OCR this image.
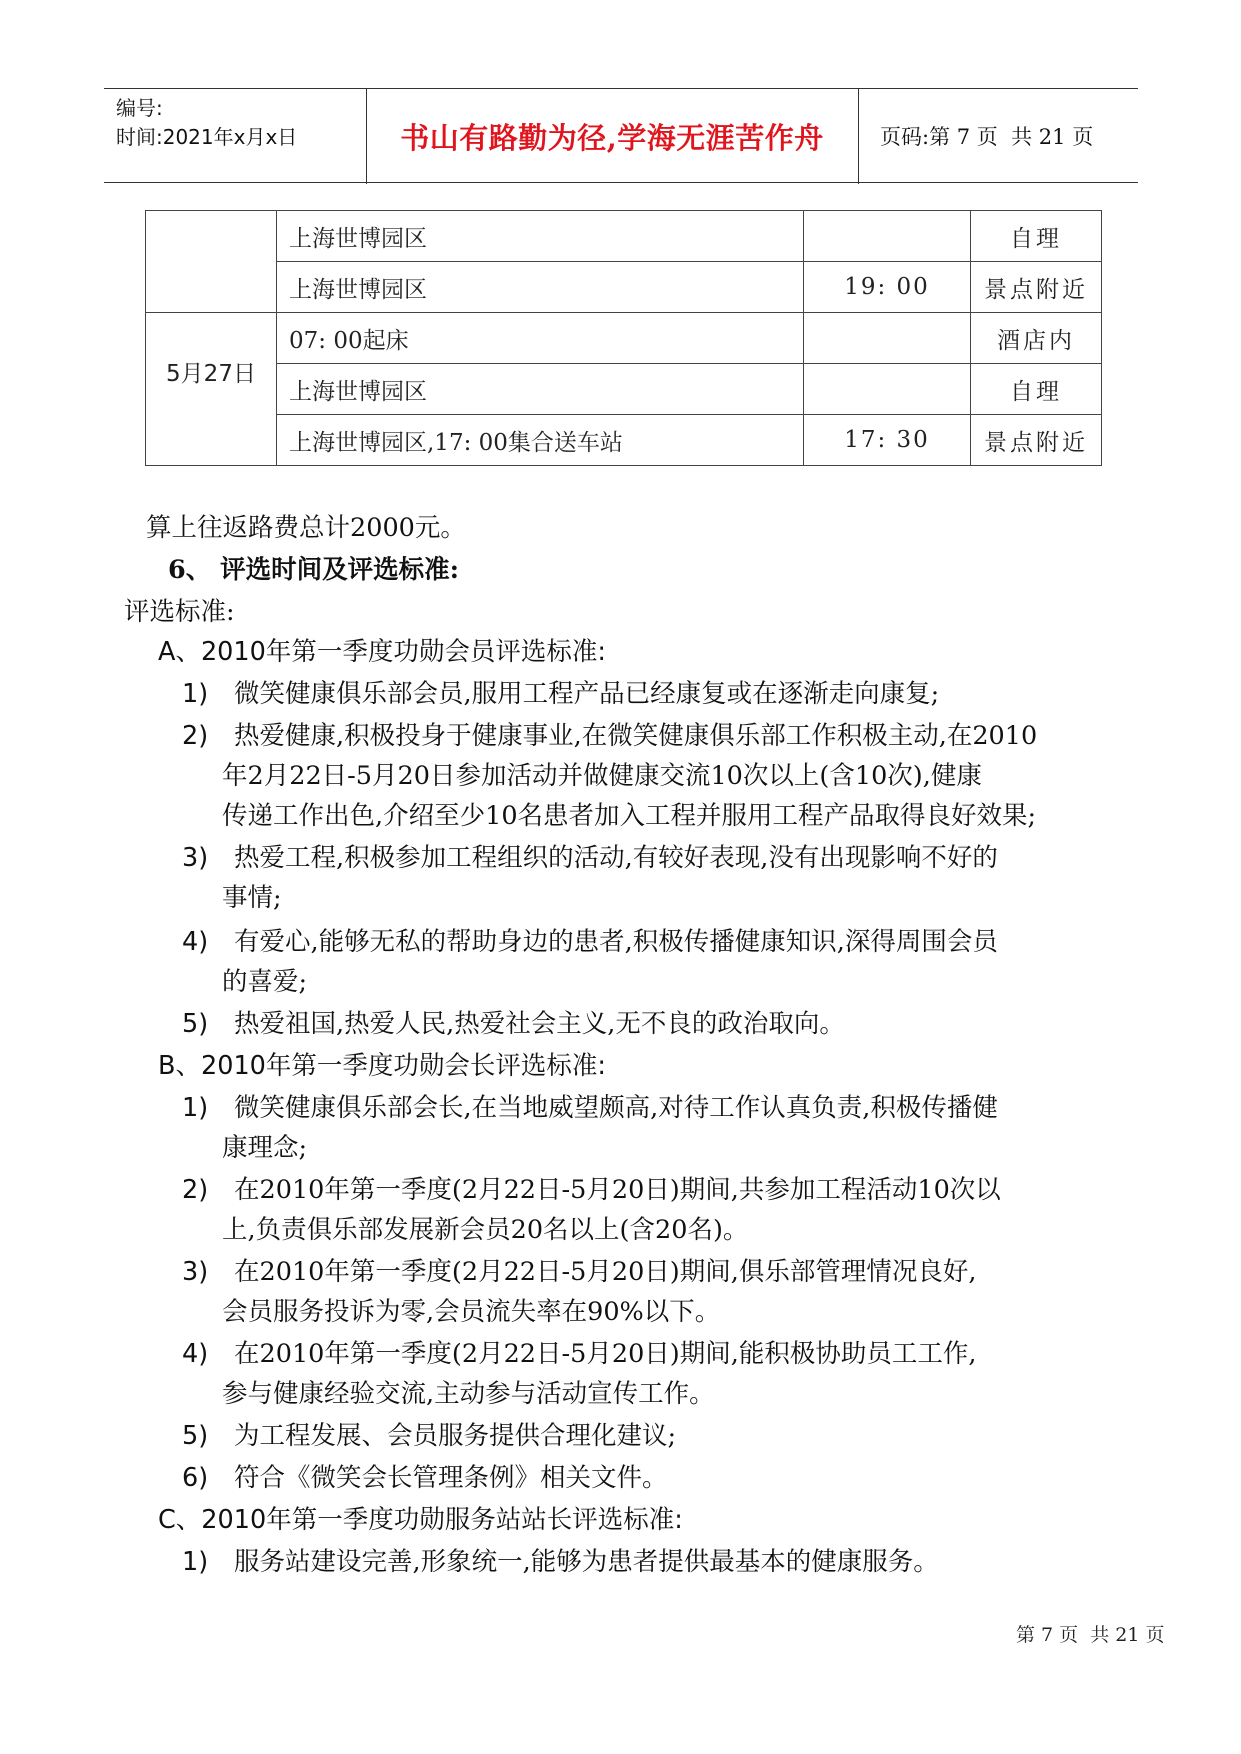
编号:
时间:2021年x月x日	书山有路勤为径,学海无涯苦作舟	页码:第 7 页  共 21 页
	上海世博园区		自理
	上海世博园区	19: 00	景点附近
5月27日	07: 00起床		酒店内
	上海世博园区		自理
	上海世博园区,17: 00集合送车站	17: 30	景点附近
算上往返路费总计2000元。
6、 评选时间及评选标准:
评选标准:
A、2010年第一季度功勋会员评选标准:
1) 微笑健康俱乐部会员,服用工程产品已经康复或在逐渐走向康复;
2) 热爱健康,积极投身于健康事业,在微笑健康俱乐部工作积极主动,在2010
年2月22日-5月20日参加活动并做健康交流10次以上(含10次),健康
传递工作出色,介绍至少10名患者加入工程并服用工程产品取得良好效果;
3) 热爱工程,积极参加工程组织的活动,有较好表现,没有出现影响不好的
事情;
4) 有爱心,能够无私的帮助身边的患者,积极传播健康知识,深得周围会员
的喜爱;
5) 热爱祖国,热爱人民,热爱社会主义,无不良的政治取向。
B、2010年第一季度功勋会长评选标准:
1) 微笑健康俱乐部会长,在当地威望颇高,对待工作认真负责,积极传播健
康理念;
2) 在2010年第一季度(2月22日-5月20日)期间,共参加工程活动10次以
上,负责俱乐部发展新会员20名以上(含20名)。
3) 在2010年第一季度(2月22日-5月20日)期间,俱乐部管理情况良好,
会员服务投诉为零,会员流失率在90%以下。
4) 在2010年第一季度(2月22日-5月20日)期间,能积极协助员工工作,
参与健康经验交流,主动参与活动宣传工作。
5) 为工程发展、会员服务提供合理化建议;
6) 符合《微笑会长管理条例》相关文件。
C、2010年第一季度功勋服务站站长评选标准:
1) 服务站建设完善,形象统一,能够为患者提供最基本的健康服务。
第 7 页  共 21 页
